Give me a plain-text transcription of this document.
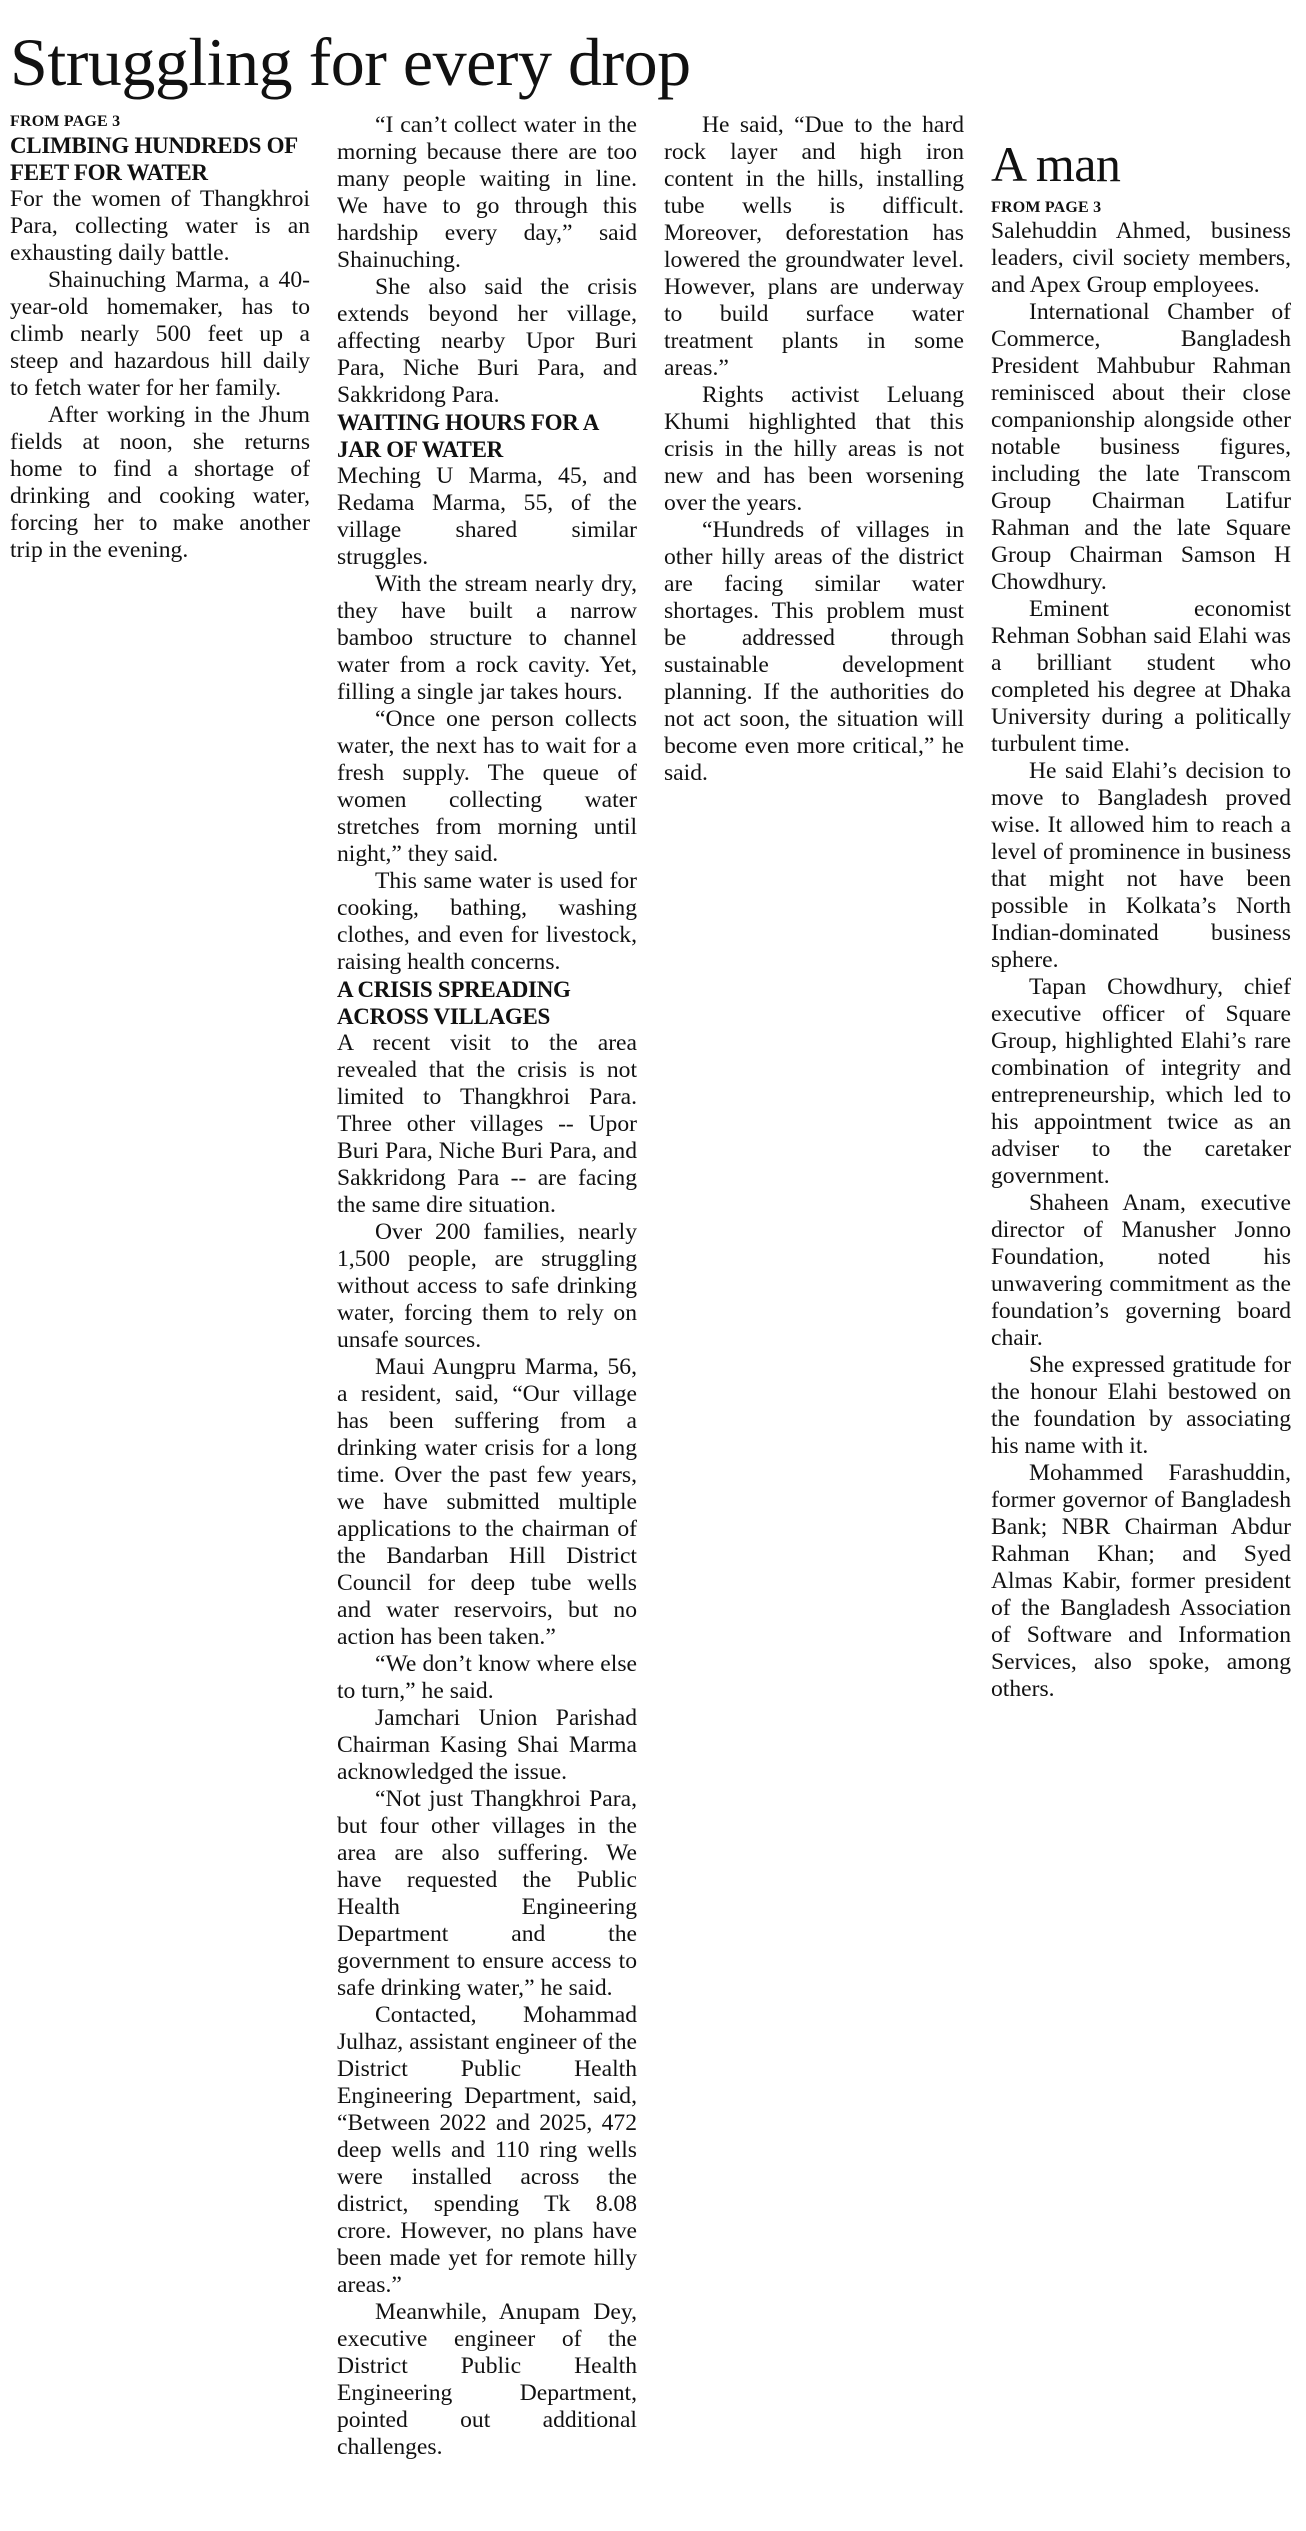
Struggling for every drop
FROM PAGE 3
CLIMBING HUNDREDS OF FEET FOR WATER

For the women of Thangkhroi Para, collecting water is an exhausting daily battle.

Shainuching Marma, a 40-year-old homemaker, has to climb nearly 500 feet up a steep and hazardous hill daily to fetch water for her family.

After working in the Jhum fields at noon, she returns home to find a shortage of drinking and cooking water, forcing her to make another trip in the evening.

“I can’t collect water in the morning because there are too many people waiting in line. We have to go through this hardship every day,” said Shainuching.

She also said the crisis extends beyond her village, affecting nearby Upor Buri Para, Niche Buri Para, and Sakkridong Para.

WAITING HOURS FOR A JAR OF WATER

Meching U Marma, 45, and Redama Marma, 55, of the village shared similar struggles.

With the stream nearly dry, they have built a narrow bamboo structure to channel water from a rock cavity. Yet, filling a single jar takes hours.

“Once one person collects water, the next has to wait for a fresh supply. The queue of women collecting water stretches from morning until night,” they said.

This same water is used for cooking, bathing, washing clothes, and even for livestock, raising health concerns.

A CRISIS SPREADING ACROSS VILLAGES

A recent visit to the area revealed that the crisis is not limited to Thangkhroi Para. Three other villages -- Upor Buri Para, Niche Buri Para, and Sakkridong Para -- are facing the same dire situation.

Over 200 families, nearly 1,500 people, are struggling without access to safe drinking water, forcing them to rely on unsafe sources.

Maui Aungpru Marma, 56, a resident, said, “Our village has been suffering from a drinking water crisis for a long time. Over the past few years, we have submitted multiple applications to the chairman of the Bandarban Hill District Council for deep tube wells and water reservoirs, but no action has been taken.”

“We don’t know where else to turn,” he said.

Jamchari Union Parishad Chairman Kasing Shai Marma acknowledged the issue.

“Not just Thangkhroi Para, but four other villages in the area are also suffering. We have requested the Public Health Engineering Department and the government to ensure access to safe drinking water,” he said.

Contacted, Mohammad Julhaz, assistant engineer of the District Public Health Engineering Department, said, “Between 2022 and 2025, 472 deep wells and 110 ring wells were installed across the district, spending Tk 8.08 crore. However, no plans have been made yet for remote hilly areas.”

Meanwhile, Anupam Dey, executive engineer of the District Public Health Engineering Department, pointed out additional challenges.

He said, “Due to the hard rock layer and high iron content in the hills, installing tube wells is difficult. Moreover, deforestation has lowered the groundwater level. However, plans are underway to build surface water treatment plants in some areas.”

Rights activist Leluang Khumi highlighted that this crisis in the hilly areas is not new and has been worsening over the years.

“Hundreds of villages in other hilly areas of the district are facing similar water shortages. This problem must be addressed through sustainable development planning. If the authorities do not act soon, the situation will become even more critical,” he said.

A man
FROM PAGE 3

Salehuddin Ahmed, business leaders, civil society members, and Apex Group employees.

International Chamber of Commerce, Bangladesh President Mahbubur Rahman reminisced about their close companionship alongside other notable business figures, including the late Transcom Group Chairman Latifur Rahman and the late Square Group Chairman Samson H Chowdhury.

Eminent economist Rehman Sobhan said Elahi was a brilliant student who completed his degree at Dhaka University during a politically turbulent time.

He said Elahi’s decision to move to Bangladesh proved wise. It allowed him to reach a level of prominence in business that might not have been possible in Kolkata’s North Indian-dominated business sphere.

Tapan Chowdhury, chief executive officer of Square Group, highlighted Elahi’s rare combination of integrity and entrepreneurship, which led to his appointment twice as an adviser to the caretaker government.

Shaheen Anam, executive director of Manusher Jonno Foundation, noted his unwavering commitment as the foundation’s governing board chair.

She expressed gratitude for the honour Elahi bestowed on the foundation by associating his name with it.

Mohammed Farashuddin, former governor of Bangladesh Bank; NBR Chairman Abdur Rahman Khan; and Syed Almas Kabir, former president of the Bangladesh Association of Software and Information Services, also spoke, among others.
